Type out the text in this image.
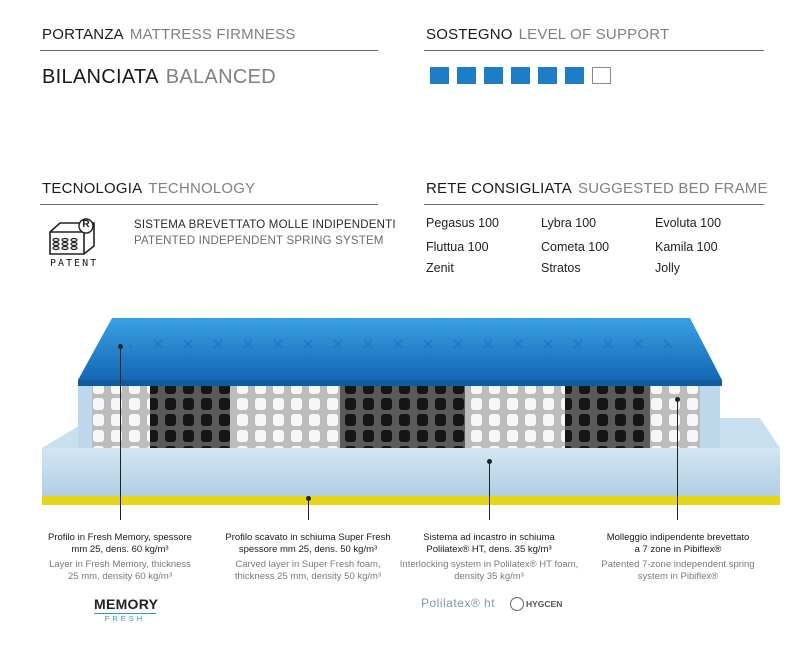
PORTANZA MATTRESS FIRMNESS
BILANCIATA BALANCED
SOSTEGNO LEVEL OF SUPPORT
TECNOLOGIA TECHNOLOGY
R
PATENT
SISTEMA BREVETTATO MOLLE INDIPENDENTI
PATENTED INDEPENDENT SPRING SYSTEM
RETE CONSIGLIATA SUGGESTED BED FRAME
Pegasus 100	Lybra 100	Evoluta 100
Fluttua 100	Cometa 100	Kamila 100
Zenit	Stratos	Jolly
Profilo in Fresh Memory, spessore
mm 25, dens. 60 kg/m³
Layer in Fresh Memory, thickness
25 mm, density 60 kg/m³
Profilo scavato in schiuma Super Fresh
spessore mm 25, dens. 50 kg/m³
Carved layer in Super Fresh foam,
thickness 25 mm, density 50 kg/m³
Sistema ad incastro in schiuma
Polilatex® HT, dens. 35 kg/m³
Interlocking system in Polilatex® HT foam,
density 35 kg/m³
Molleggio indipendente brevettato
a 7 zone in Pibiflex®
Patented 7-zone independent spring
system in Pibiflex®
MEMORY
FRESH
Polilatex® ht	HYGCEN
